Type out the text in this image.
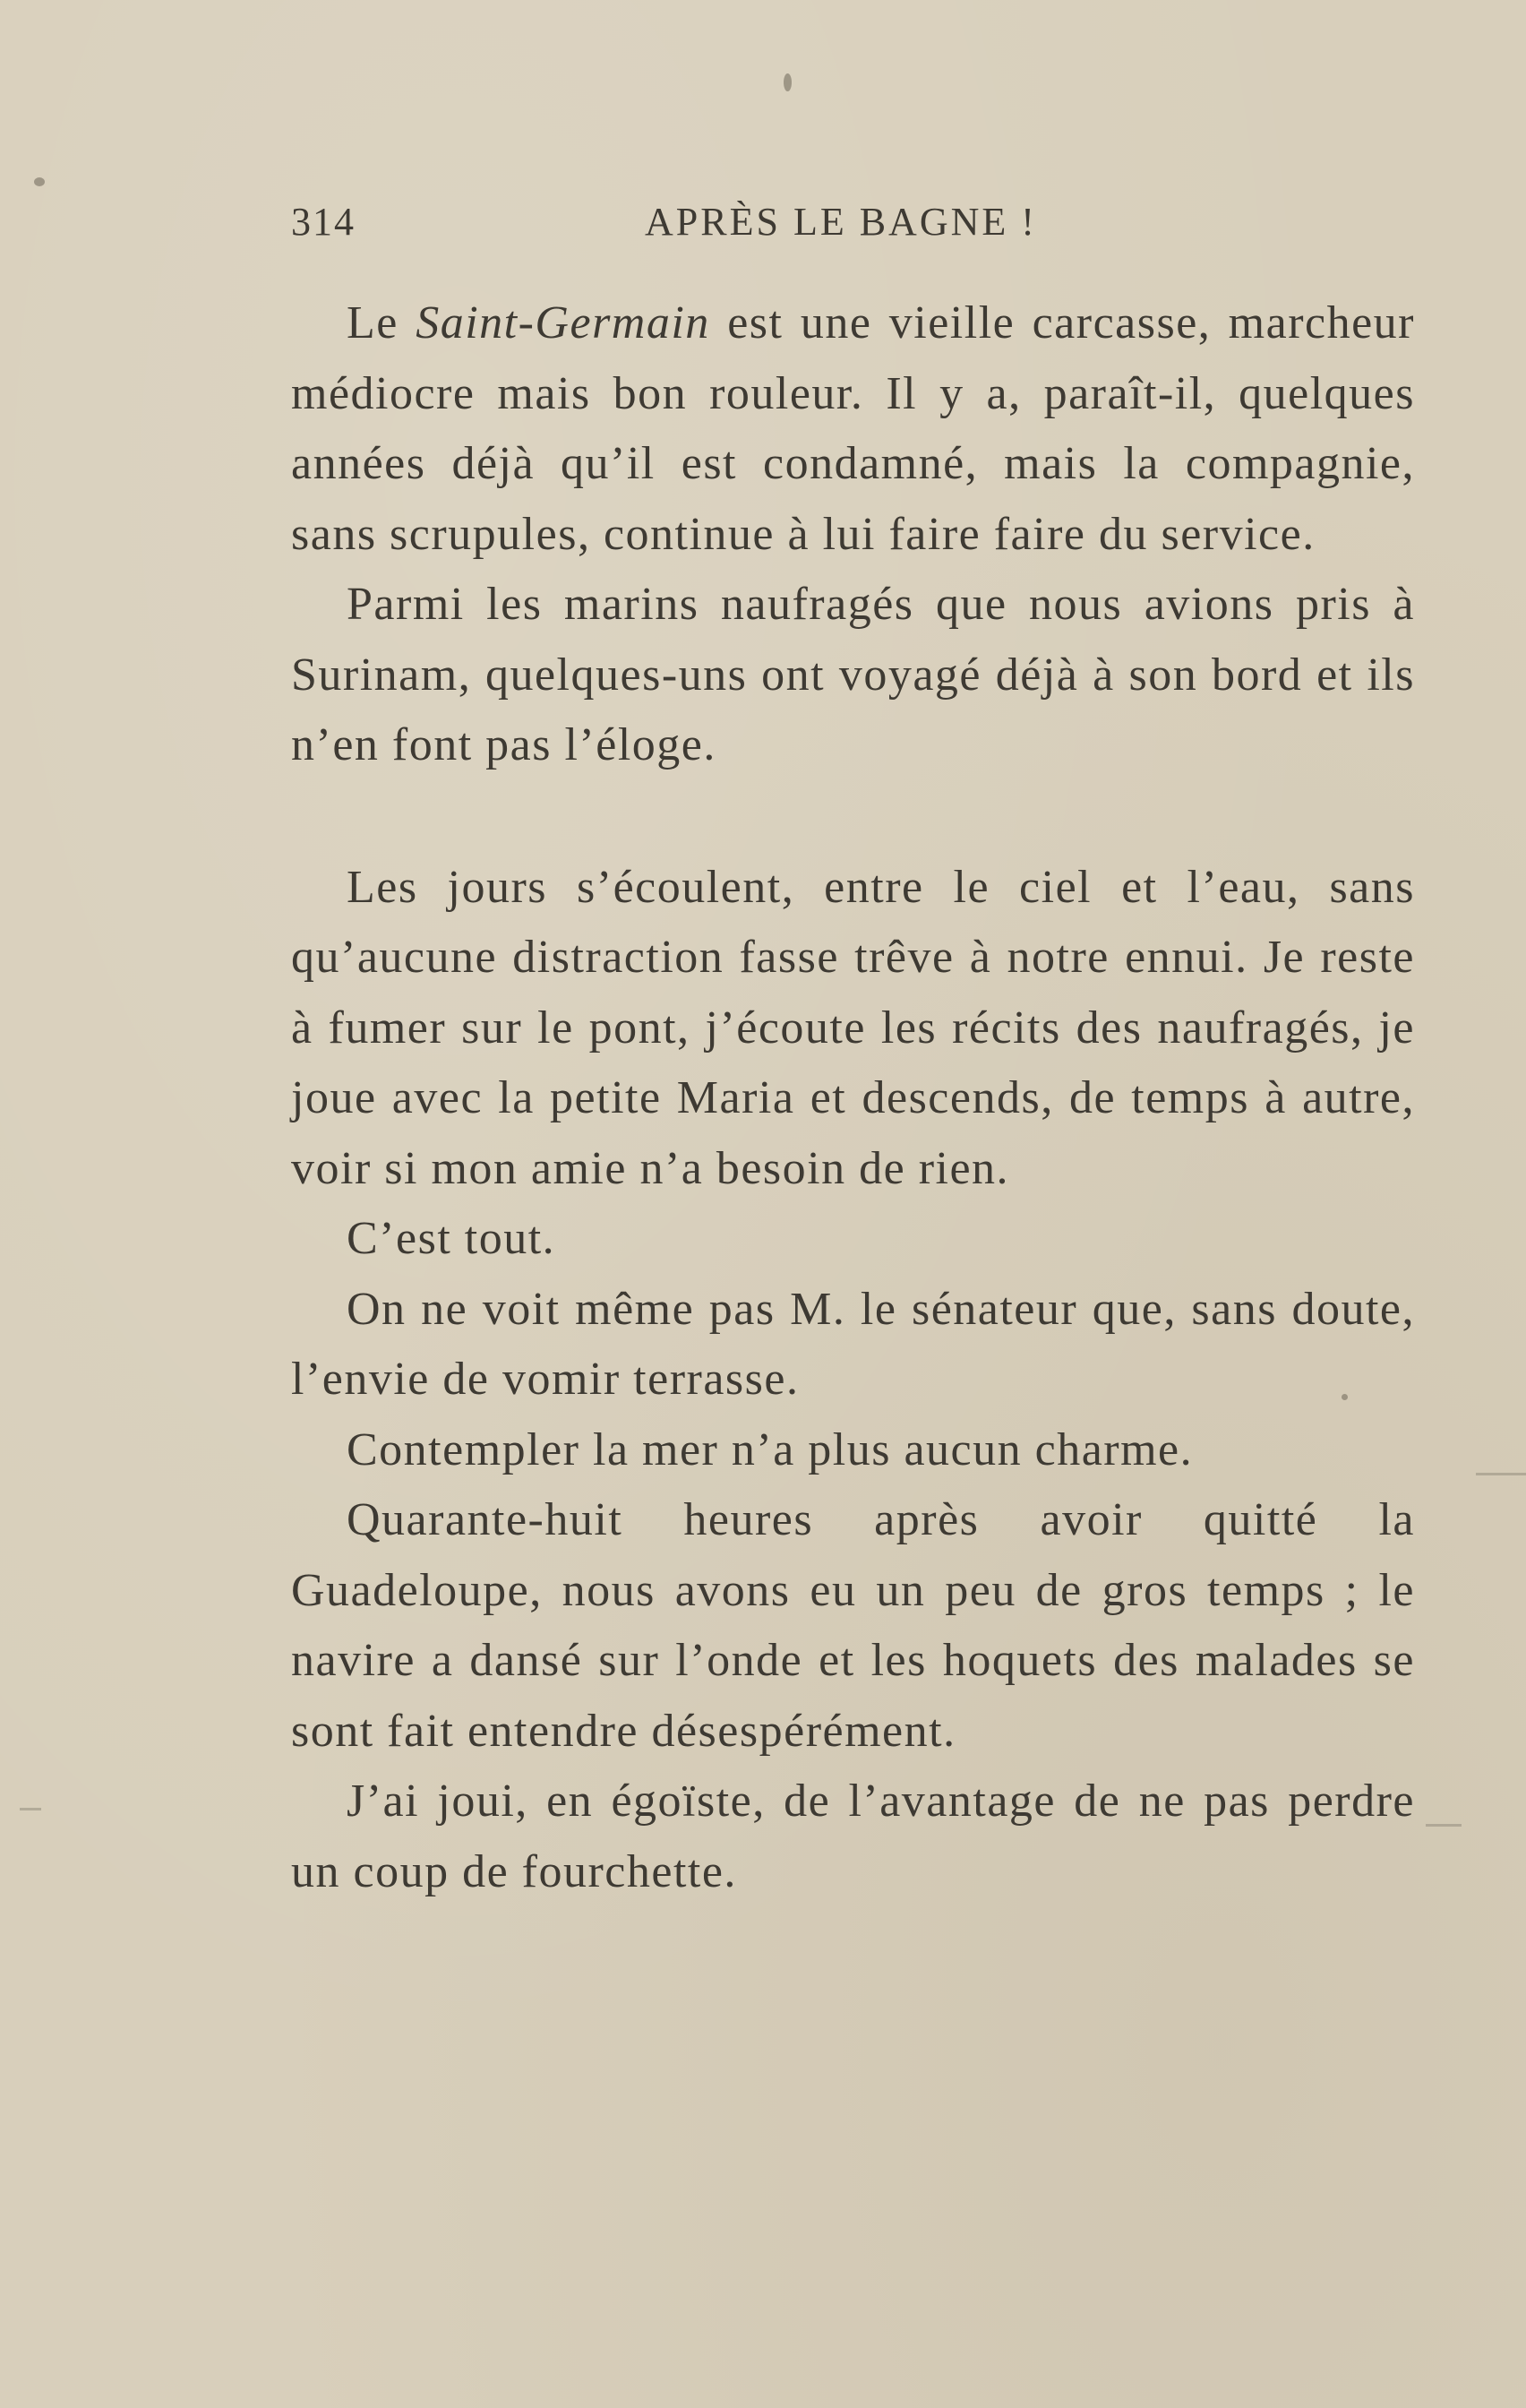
314	APRÈS LE BAGNE !

Le Saint-Germain est une vieille carcasse, marcheur médiocre mais bon rouleur. Il y a, paraît-il, quelques années déjà qu’il est condamné, mais la compagnie, sans scrupules, continue à lui faire faire du service.

Parmi les marins naufragés que nous avions pris à Surinam, quelques-uns ont voyagé déjà à son bord et ils n’en font pas l’éloge.

Les jours s’écoulent, entre le ciel et l’eau, sans qu’aucune distraction fasse trêve à notre ennui. Je reste à fumer sur le pont, j’écoute les récits des naufragés, je joue avec la petite Maria et descends, de temps à autre, voir si mon amie n’a besoin de rien.

C’est tout.

On ne voit même pas M. le sénateur que, sans doute, l’envie de vomir terrasse.

Contempler la mer n’a plus aucun charme.

Quarante-huit heures après avoir quitté la Guadeloupe, nous avons eu un peu de gros temps ; le navire a dansé sur l’onde et les hoquets des malades se sont fait entendre désespérément.

J’ai joui, en égoïste, de l’avantage de ne pas perdre un coup de fourchette.
